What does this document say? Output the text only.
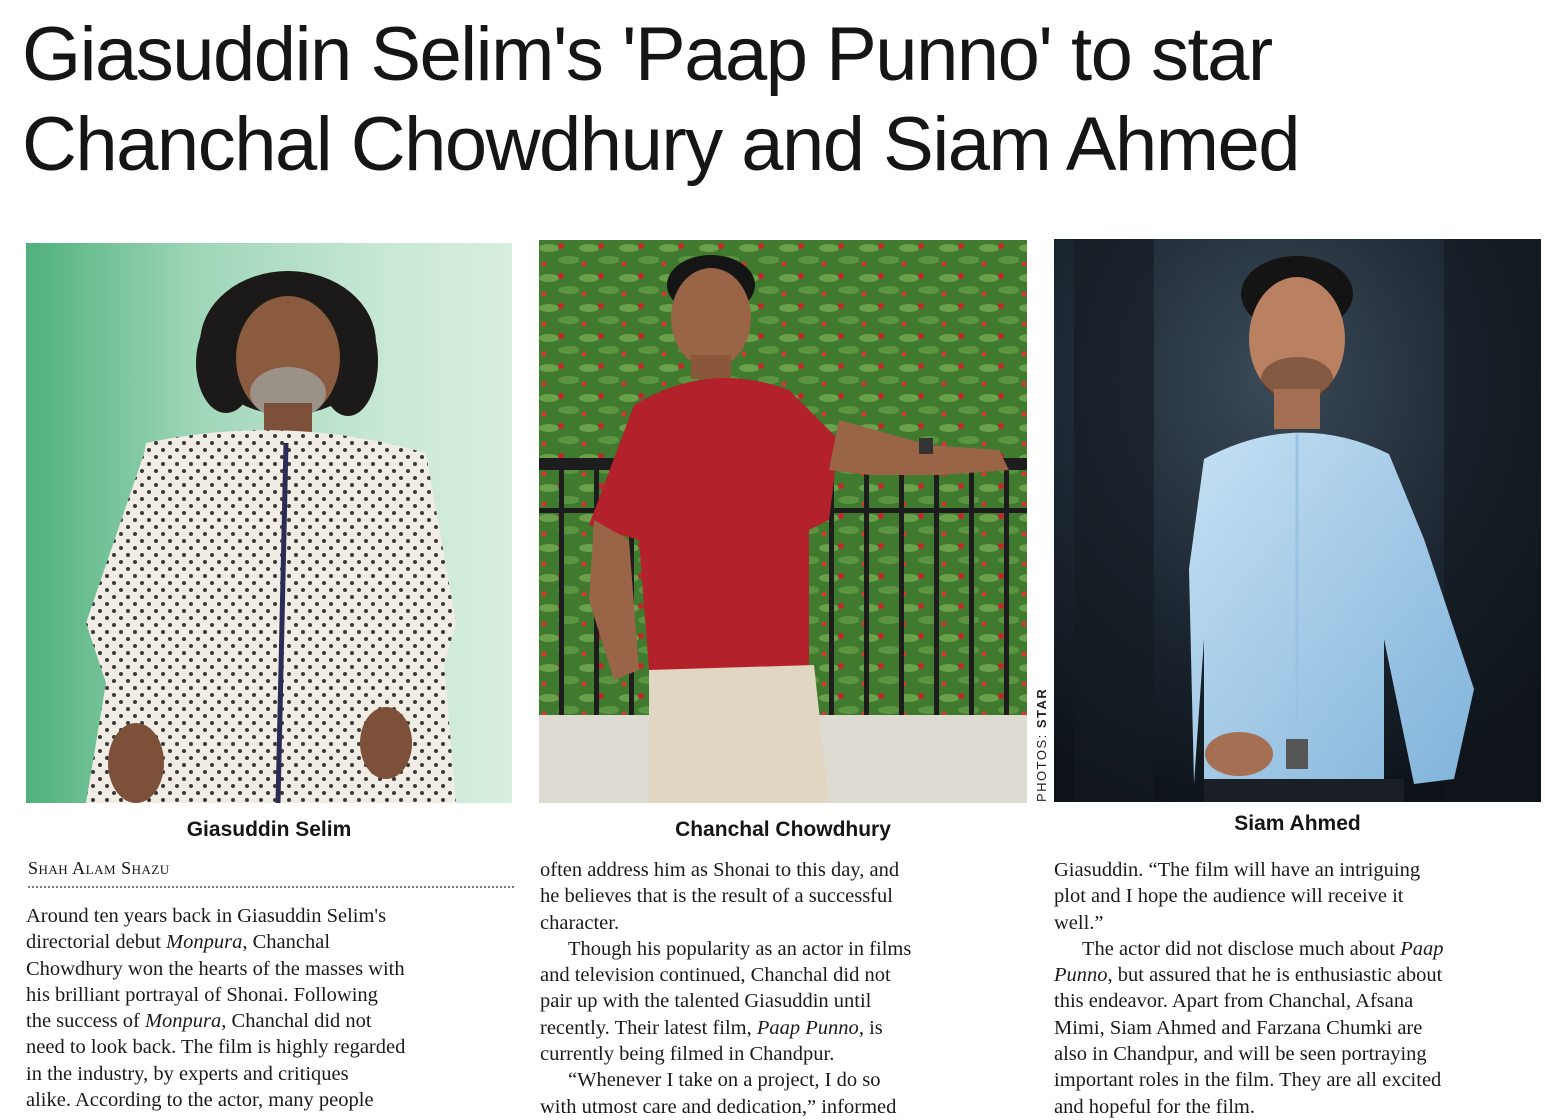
Giasuddin Selim's 'Paap Punno' to star
Chanchal Chowdhury and Siam Ahmed
PHOTOS: STAR
Giasuddin Selim	Chanchal Chowdhury	Siam Ahmed
Shah Alam Shazu

Around ten years back in Giasuddin Selim's

directorial debut Monpura, Chanchal

Chowdhury won the hearts of the masses with

his brilliant portrayal of Shonai. Following

the success of Monpura, Chanchal did not

need to look back. The film is highly regarded

in the industry, by experts and critiques

alike. According to the actor, many people

often address him as Shonai to this day, and

he believes that is the result of a successful

character.

Though his popularity as an actor in films

and television continued, Chanchal did not

pair up with the talented Giasuddin until

recently. Their latest film, Paap Punno, is

currently being filmed in Chandpur.

“Whenever I take on a project, I do so

with utmost care and dedication,” informed

Giasuddin. “The film will have an intriguing

plot and I hope the audience will receive it

well.”

The actor did not disclose much about Paap

Punno, but assured that he is enthusiastic about

this endeavor. Apart from Chanchal, Afsana

Mimi, Siam Ahmed and Farzana Chumki are

also in Chandpur, and will be seen portraying

important roles in the film. They are all excited

and hopeful for the film.
